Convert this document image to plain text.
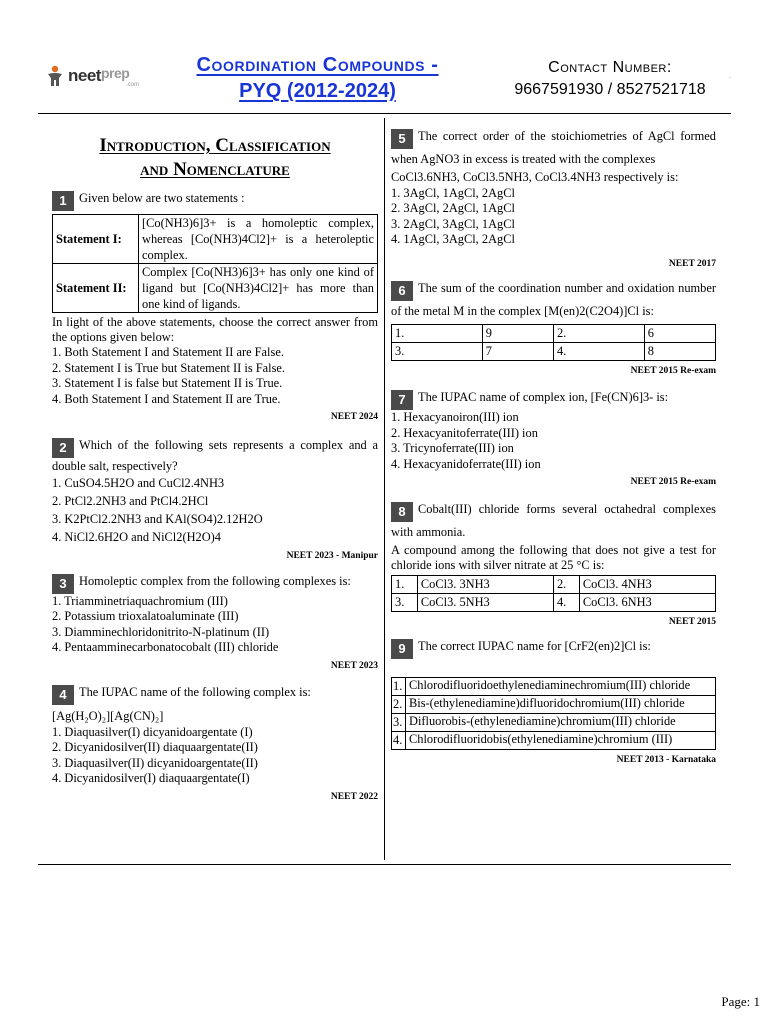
neet prep
.com
Coordination Compounds -
PYQ (2012-2024)
Contact Number:
9667591930 / 8527521718
.
Introduction, Classification
and Nomenclature
1 Given below are two statements :
Statement I:	[Co(NH3)6]3+ is a homoleptic complex, whereas [Co(NH3)4Cl2]+ is a heteroleptic complex.
Statement II:	Complex [Co(NH3)6]3+ has only one kind of ligand but [Co(NH3)4Cl2]+ has more than one kind of ligands.
In light of the above statements, choose the correct answer from the options given below:
1. Both Statement I and Statement II are False.
2. Statement I is True but Statement II is False.
3. Statement I is false but Statement II is True.
4. Both Statement I and Statement II are True.
NEET 2024
2 Which of the following sets represents a complex and a double salt, respectively?
1. CuSO4.5H2O and CuCl2.4NH3
2. PtCl2.2NH3 and PtCl4.2HCl
3. K2PtCl2.2NH3 and KAl(SO4)2.12H2O
4. NiCl2.6H2O and NiCl2(H2O)4
NEET 2023 - Manipur
3 Homoleptic complex from the following complexes is:
1. Triamminetriaquachromium (III)
2. Potassium trioxalatoaluminate (III)
3. Diamminechloridonitrito-N-platinum (II)
4. Pentaamminecarbonatocobalt (III) chloride
NEET 2023
4 The IUPAC name of the following complex is:
[Ag(H₂O)₂][Ag(CN)₂]
1. Diaquasilver(I) dicyanidoargentate (I)
2. Dicyanidosilver(II) diaquaargentate(II)
3. Diaquasilver(II) dicyanidoargentate(II)
4. Dicyanidosilver(I) diaquaargentate(I)
NEET 2022
5 The correct order of the stoichiometries of AgCl formed when AgNO3 in excess is treated with the complexes
CoCl3.6NH3, CoCl3.5NH3, CoCl3.4NH3 respectively is:
1. 3AgCl, 1AgCl, 2AgCl
2. 3AgCl, 2AgCl, 1AgCl
3. 2AgCl, 3AgCl, 1AgCl
4. 1AgCl, 3AgCl, 2AgCl
NEET 2017
6 The sum of the coordination number and oxidation number of the metal M in the complex [M(en)2(C2O4)]Cl is:
1.	9	2.	6
3.	7	4.	8
NEET 2015 Re-exam
7 The IUPAC name of complex ion, [Fe(CN)6]3- is:
1. Hexacyanoiron(III) ion
2. Hexacyanitoferrate(III) ion
3. Tricynoferrate(III) ion
4. Hexacyanidoferrate(III) ion
NEET 2015 Re-exam
8 Cobalt(III) chloride forms several octahedral complexes with ammonia.
A compound among the following that does not give a test for chloride ions with silver nitrate at 25 °C is:
1.	CoCl3. 3NH3	2.	CoCl3. 4NH3
3.	CoCl3. 5NH3	4.	CoCl3. 6NH3
NEET 2015
9 The correct IUPAC name for [CrF2(en)2]Cl is:
1.	Chlorodifluoridoethylenediaminechromium(III) chloride
2.	Bis-(ethylenediamine)difluoridochromium(III) chloride
3.	Difluorobis-(ethylenediamine)chromium(III) chloride
4.	Chlorodifluoridobis(ethylenediamine)chromium (III)
NEET 2013 - Karnataka
Page: 1
